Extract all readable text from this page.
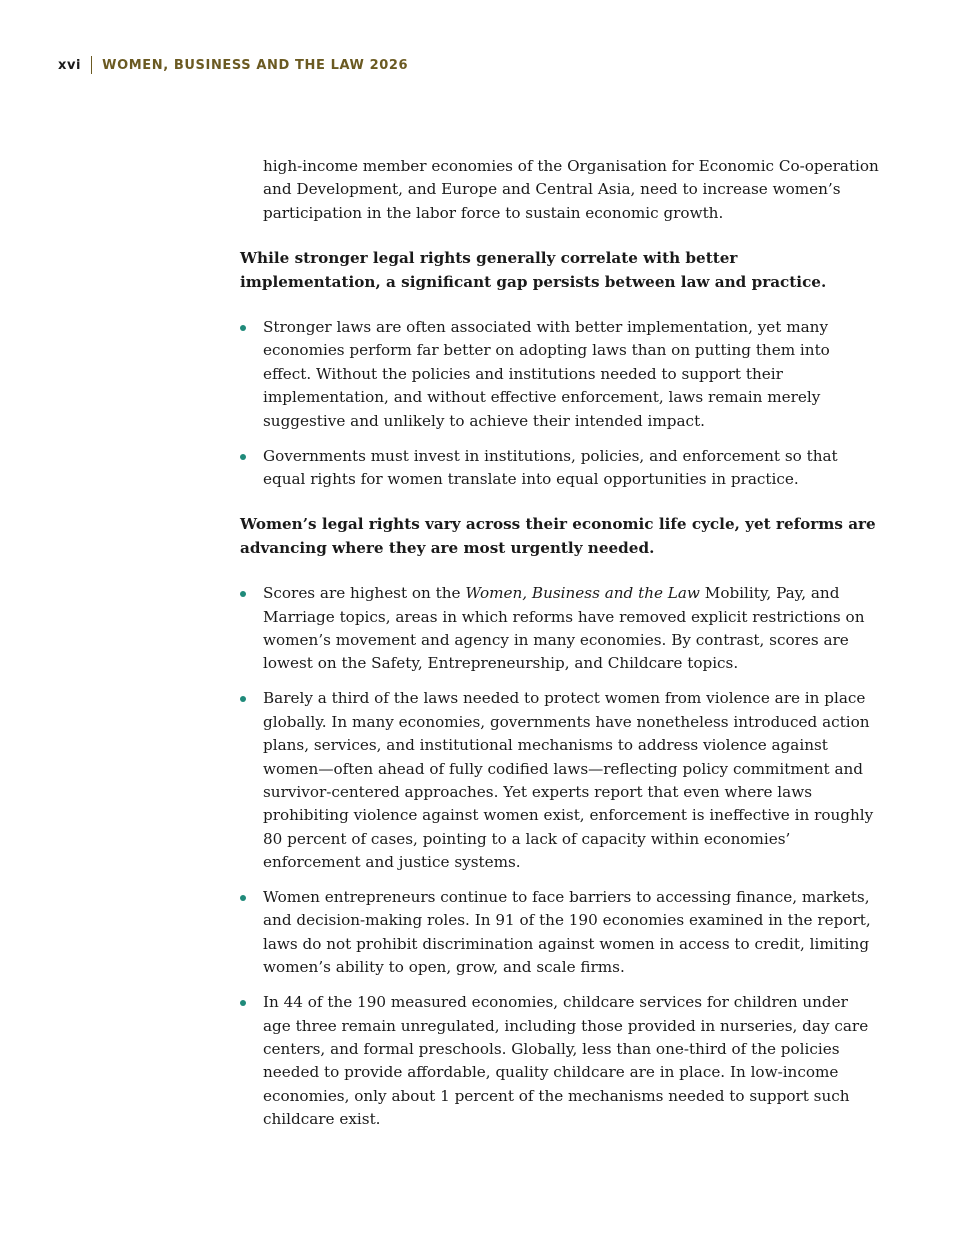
xvi WOMEN, BUSINESS AND THE LAW 2026

high-income member economies of the Organisation for Economic Co-operation and Development, and Europe and Central Asia, need to increase women’s participation in the labor force to sustain economic growth.

While stronger legal rights generally correlate with better implementation, a significant gap persists between law and practice.

Stronger laws are often associated with better implementation, yet many economies perform far better on adopting laws than on putting them into effect. Without the policies and institutions needed to support their implementation, and without effective enforcement, laws remain merely suggestive and unlikely to achieve their intended impact.
Governments must invest in institutions, policies, and enforcement so that equal rights for women translate into equal opportunities in practice.

Women’s legal rights vary across their economic life cycle, yet reforms are advancing where they are most urgently needed.

Scores are highest on the Women, Business and the Law Mobility, Pay, and Marriage topics, areas in which reforms have removed explicit restrictions on women’s movement and agency in many economies. By contrast, scores are lowest on the Safety, Entrepreneurship, and Childcare topics.
Barely a third of the laws needed to protect women from violence are in place globally. In many economies, governments have nonetheless introduced action plans, services, and institutional mechanisms to address violence against women—often ahead of fully codified laws—reflecting policy commitment and survivor-centered approaches. Yet experts report that even where laws prohibiting violence against women exist, enforcement is ineffective in roughly 80 percent of cases, pointing to a lack of capacity within economies’ enforcement and justice systems.
Women entrepreneurs continue to face barriers to accessing finance, markets, and decision-making roles. In 91 of the 190 economies examined in the report, laws do not prohibit discrimination against women in access to credit, limiting women’s ability to open, grow, and scale firms.
In 44 of the 190 measured economies, childcare services for children under age three remain unregulated, including those provided in nurseries, day care centers, and formal preschools. Globally, less than one-third of the policies needed to provide affordable, quality childcare are in place. In low-income economies, only about 1 percent of the mechanisms needed to support such childcare exist.
